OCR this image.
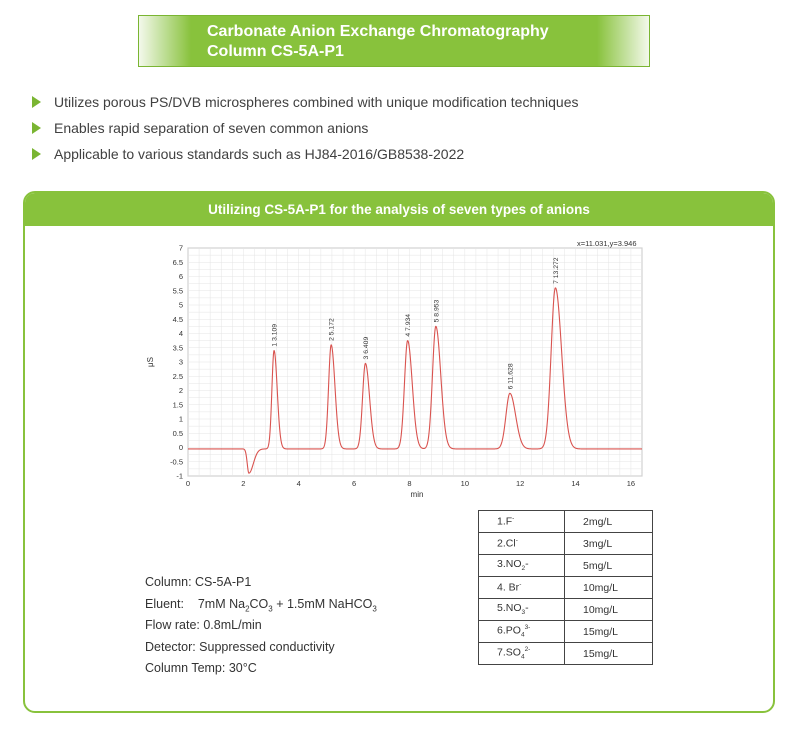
Carbonate Anion Exchange Chromatography
Column CS-5A-P1
Utilizes porous PS/DVB microspheres combined with unique modification techniques
Enables rapid separation of seven common anions
Applicable to various standards such as HJ84-2016/GB8538-2022
Utilizing CS-5A-P1 for the analysis of seven types of anions
0	2	4	6	8	10	12	14	16
-1
-0.5
0
0.5
1
1.5
2
2.5
3
3.5
4
4.5
5
5.5
6
6.5
7
1 3.109	2 5.172
3 6.409
4 7.934
5 8.953
6 11.628
7 13.272
x=11.031,y=3.946
min
μS
Column: CS-5A-P1
Eluent: 7mM $Na_2CO_3 + 1.5mM$ NaHCO$_3$
Flow rate: 0.8mL/min
Detector: Suppressed conductivity
Column Temp: 30°C
1.F-	2mg/L
2.Cl-	3mg/L
$3.NO_2-$	5mg/L
4. Br-	10mg/L
$5.NO_3-$	10mg/L
$6.PO_4^{3-}$	15mg/L
$7.SO_4^{2-}$	15mg/L
